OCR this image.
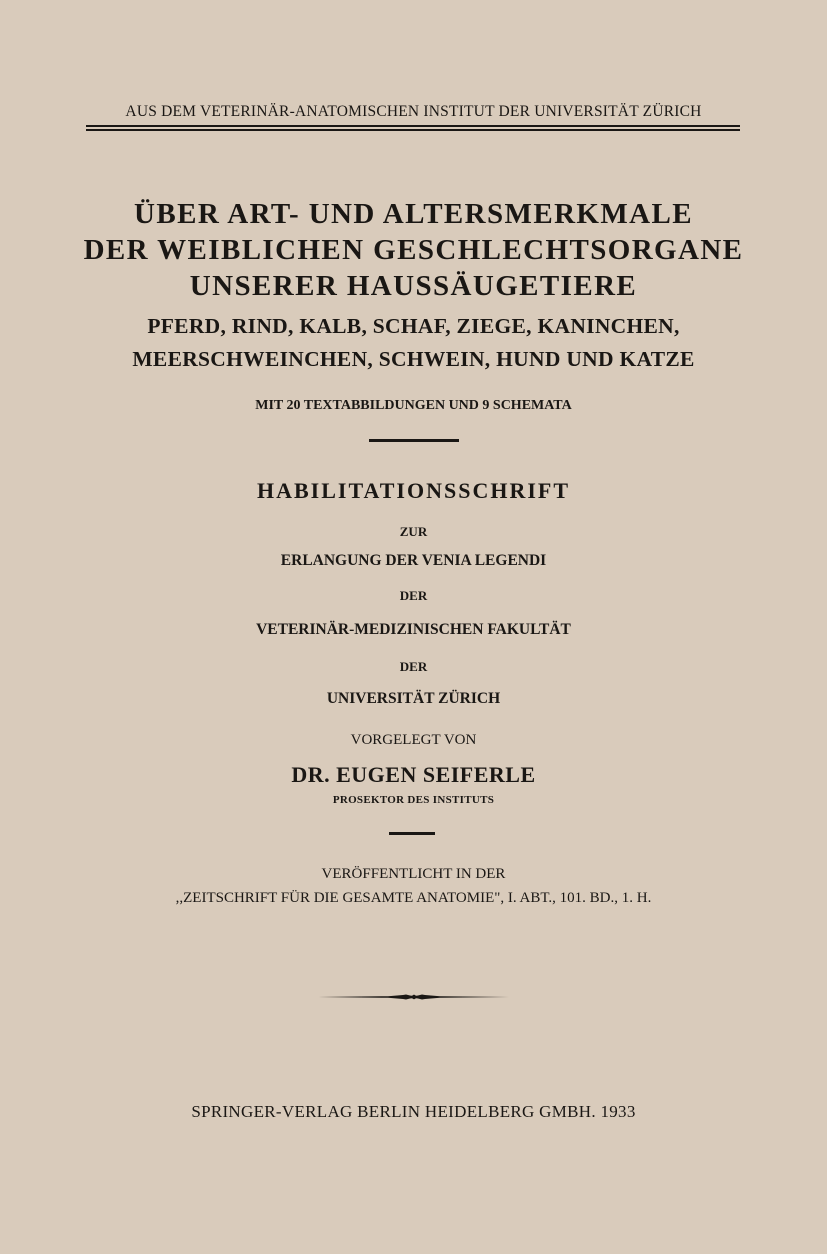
AUS DEM VETERINÄR-ANATOMISCHEN INSTITUT DER UNIVERSITÄT ZÜRICH
ÜBER ART- UND ALTERSMERKMALE
DER WEIBLICHEN GESCHLECHTSORGANE
UNSERER HAUSSÄUGETIERE
PFERD, RIND, KALB, SCHAF, ZIEGE, KANINCHEN,
MEERSCHWEINCHEN, SCHWEIN, HUND UND KATZE
MIT 20 TEXTABBILDUNGEN UND 9 SCHEMATA
HABILITATIONSSCHRIFT
ZUR
ERLANGUNG DER VENIA LEGENDI
DER
VETERINÄR-MEDIZINISCHEN FAKULTÄT
DER
UNIVERSITÄT ZÜRICH
VORGELEGT VON
DR. EUGEN SEIFERLE
PROSEKTOR DES INSTITUTS
VERÖFFENTLICHT IN DER
,,ZEITSCHRIFT FÜR DIE GESAMTE ANATOMIE", I. ABT., 101. BD., 1. H.
SPRINGER-VERLAG BERLIN HEIDELBERG GMBH. 1933
